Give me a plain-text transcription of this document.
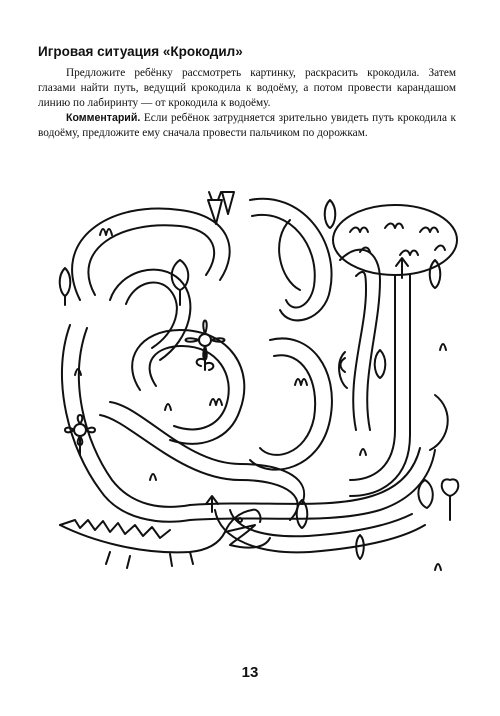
Игровая ситуация «Крокодил»
Предложите ребёнку рассмотреть картинку, раскрасить крокодила. Затем глазами найти путь, ведущий крокодила к водоёму, а потом провести карандашом линию по лабиринту — от крокодила к водоёму.
Комментарий. Если ребёнок затрудняется зрительно увидеть путь крокодила к водоёму, предложите ему сначала провести пальчиком по дорожкам.
13
